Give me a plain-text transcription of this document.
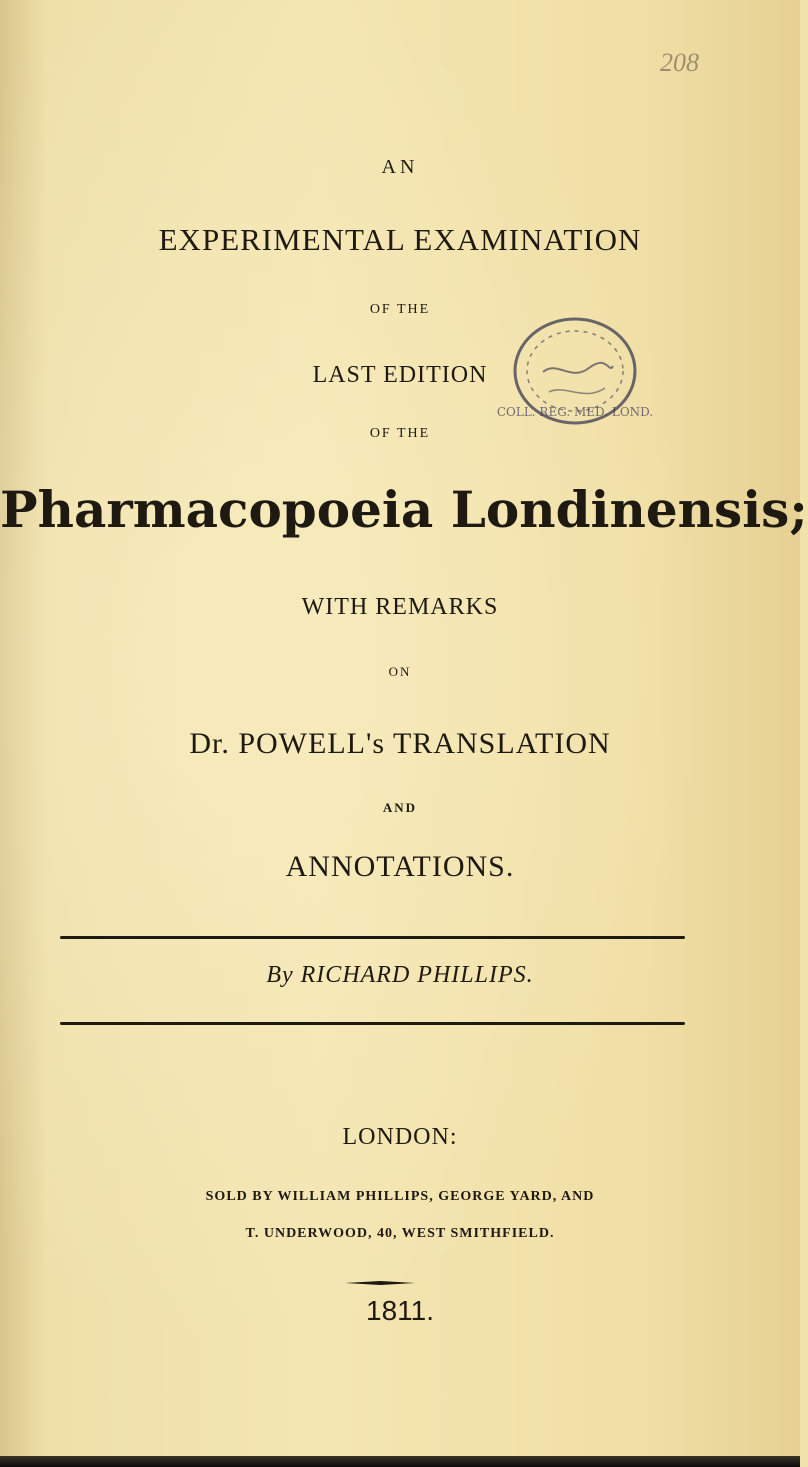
208
AN
EXPERIMENTAL EXAMINATION
OF THE
LAST EDITION
OF THE
COLL. REG. MED. LOND.
Pharmacopoeia Londinensis;
WITH REMARKS
ON
Dr. POWELL's TRANSLATION
AND
ANNOTATIONS.
By RICHARD PHILLIPS.
LONDON:
SOLD BY WILLIAM PHILLIPS, GEORGE YARD, AND
T. UNDERWOOD, 40, WEST SMITHFIELD.
1811.
